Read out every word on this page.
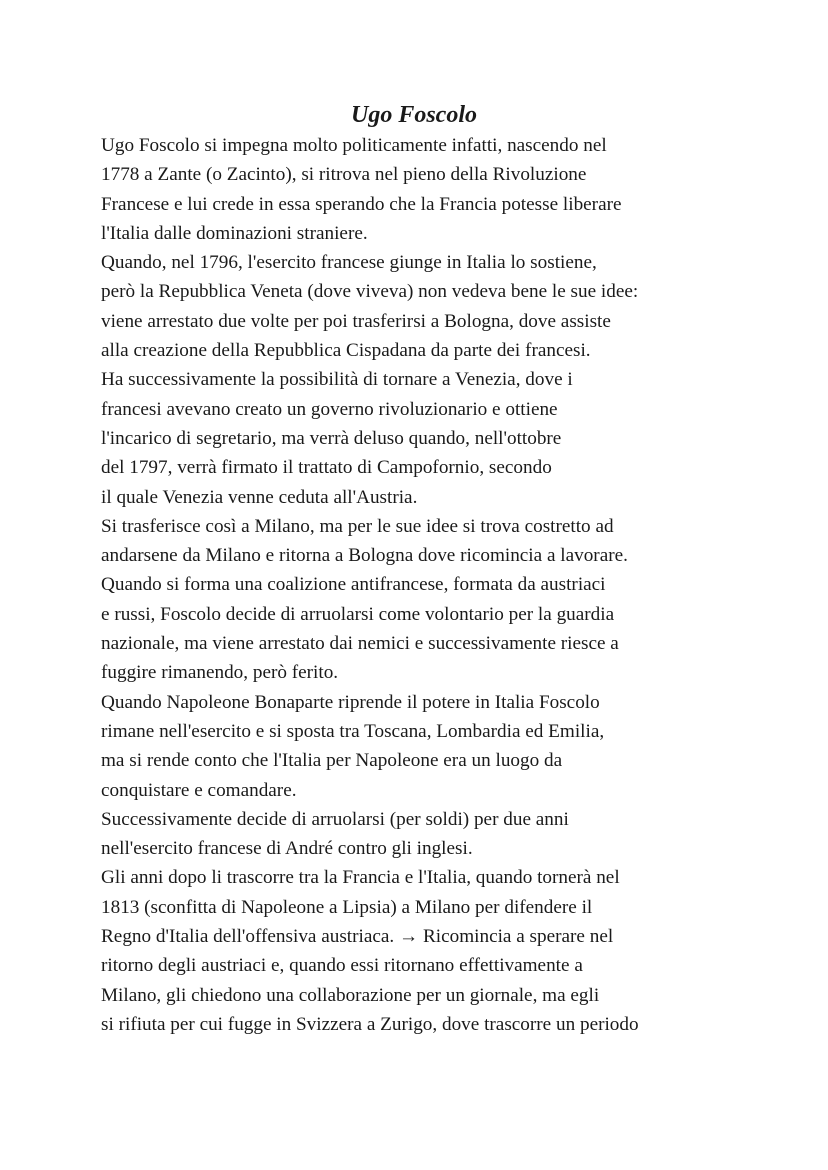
Ugo Foscolo
Ugo Foscolo si impegna molto politicamente infatti, nascendo nel
1778 a Zante (o Zacinto), si ritrova nel pieno della Rivoluzione
Francese e lui crede in essa sperando che la Francia potesse liberare
l'Italia dalle dominazioni straniere.
Quando, nel 1796, l'esercito francese giunge in Italia lo sostiene,
però la Repubblica Veneta (dove viveva) non vedeva bene le sue idee:
viene arrestato due volte per poi trasferirsi a Bologna, dove assiste
alla creazione della Repubblica Cispadana da parte dei francesi.
Ha successivamente la possibilità di tornare a Venezia, dove i
francesi avevano creato un governo rivoluzionario e ottiene
l'incarico di segretario, ma verrà deluso quando, nell'ottobre
del 1797, verrà firmato il trattato di Campofornio, secondo
il quale Venezia venne ceduta all'Austria.
Si trasferisce così a Milano, ma per le sue idee si trova costretto ad
andarsene da Milano e ritorna a Bologna dove ricomincia a lavorare.
Quando si forma una coalizione antifrancese, formata da austriaci
e russi, Foscolo decide di arruolarsi come volontario per la guardia
nazionale, ma viene arrestato dai nemici e successivamente riesce a
fuggire rimanendo, però ferito.
Quando Napoleone Bonaparte riprende il potere in Italia Foscolo
rimane nell'esercito e si sposta tra Toscana, Lombardia ed Emilia,
ma si rende conto che l'Italia per Napoleone era un luogo da
conquistare e comandare.
Successivamente decide di arruolarsi (per soldi) per due anni
nell'esercito francese di André contro gli inglesi.
Gli anni dopo li trascorre tra la Francia e l'Italia, quando tornerà nel
1813 (sconfitta di Napoleone a Lipsia) a Milano per difendere il
Regno d'Italia dell'offensiva austriaca. → Ricomincia a sperare nel
ritorno degli austriaci e, quando essi ritornano effettivamente a
Milano, gli chiedono una collaborazione per un giornale, ma egli
si rifiuta per cui fugge in Svizzera a Zurigo, dove trascorre un periodo
